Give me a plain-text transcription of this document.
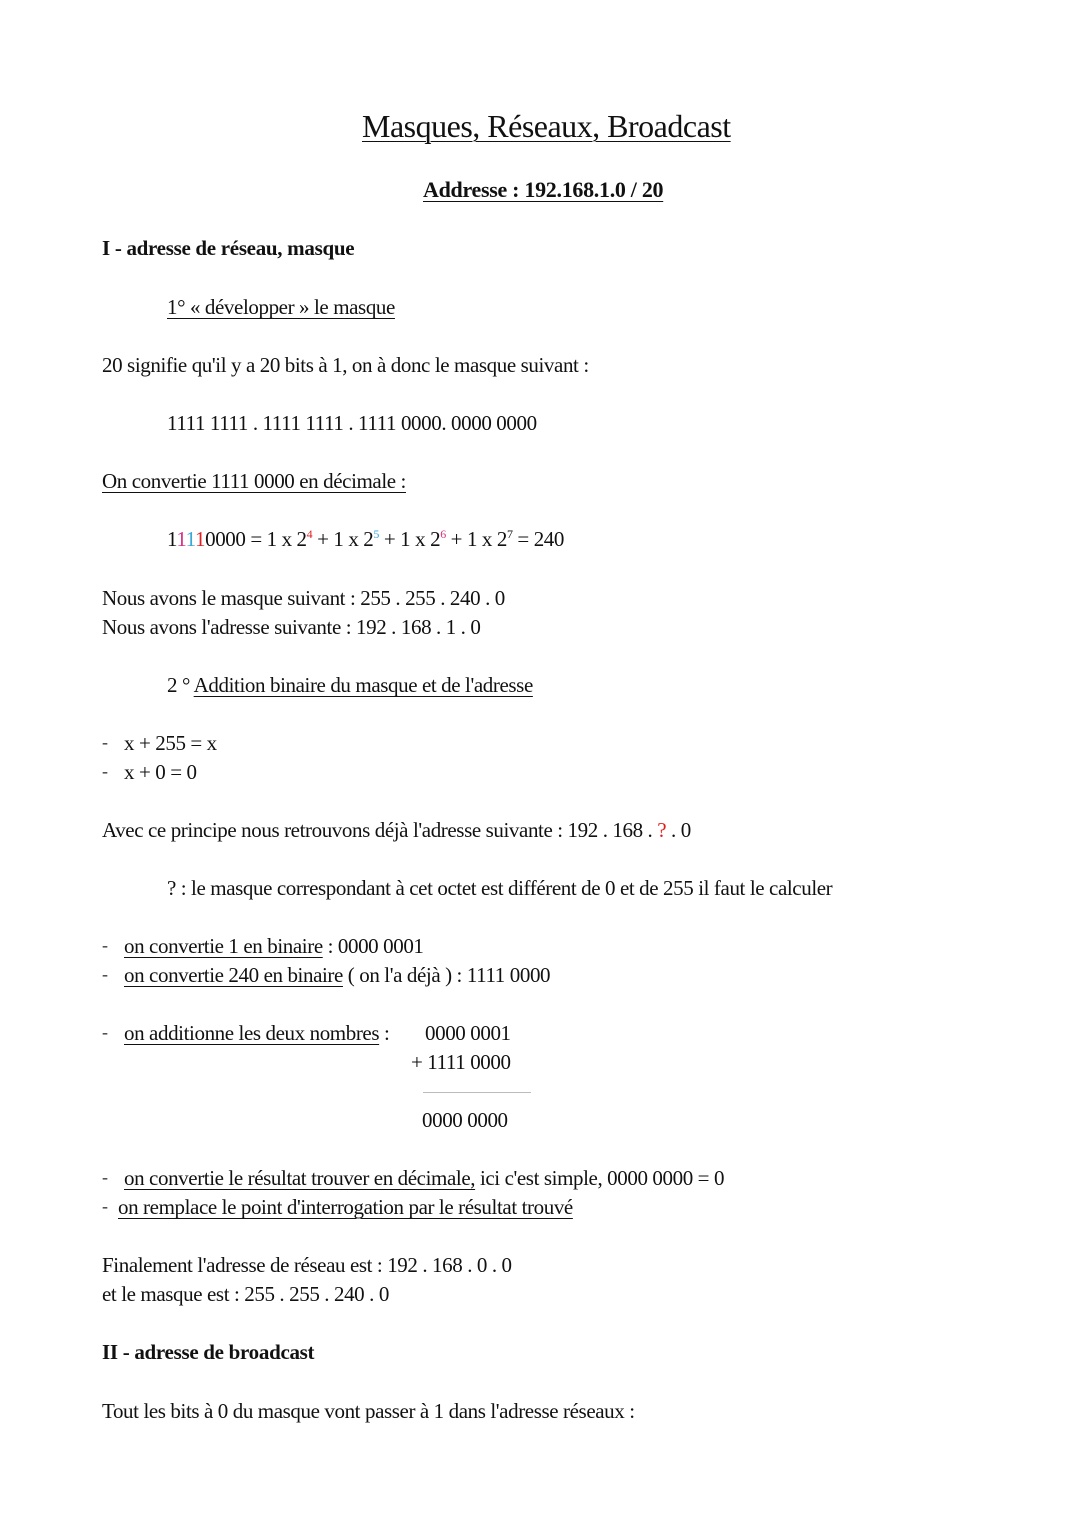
Masques, Réseaux, Broadcast
Addresse : 192.168.1.0 / 20
I - adresse de réseau, masque
1° « développer » le masque
20 signifie qu'il y a 20 bits à 1, on à donc le masque suivant :
1111 1111 . 1111 1111 . 1111 0000. 0000 0000
On convertie 1111 0000 en décimale :
11110000 = 1 x $2^4 + 1$ x $2^5 + 1$ x $2^6 + 1$ x $2^7 = 240$
Nous avons le masque suivant : 255 . 255 . 240 . 0
Nous avons l'adresse suivante : 192 . 168 . 1 . 0
2 ° Addition binaire du masque et de l'adresse
- x + 255 = x
- x + 0 = 0
Avec ce principe nous retrouvons déjà l'adresse suivante : 192 . 168 . ? . 0
? : le masque correspondant à cet octet est différent de 0 et de 255 il faut le calculer
- on convertie 1 en binaire : 0000 0001
- on convertie 240 en binaire ( on l'a déjà ) : 1111 0000
- on additionne les deux nombres : 0000 0001
+ 1111 0000
0000 0000
- on convertie le résultat trouver en décimale, ici c'est simple, 0000 0000 = 0
- on remplace le point d'interrogation par le résultat trouvé
Finalement l'adresse de réseau est : 192 . 168 . 0 . 0
et le masque est : 255 . 255 . 240 . 0
II - adresse de broadcast
Tout les bits à 0 du masque vont passer à 1 dans l'adresse réseaux :
